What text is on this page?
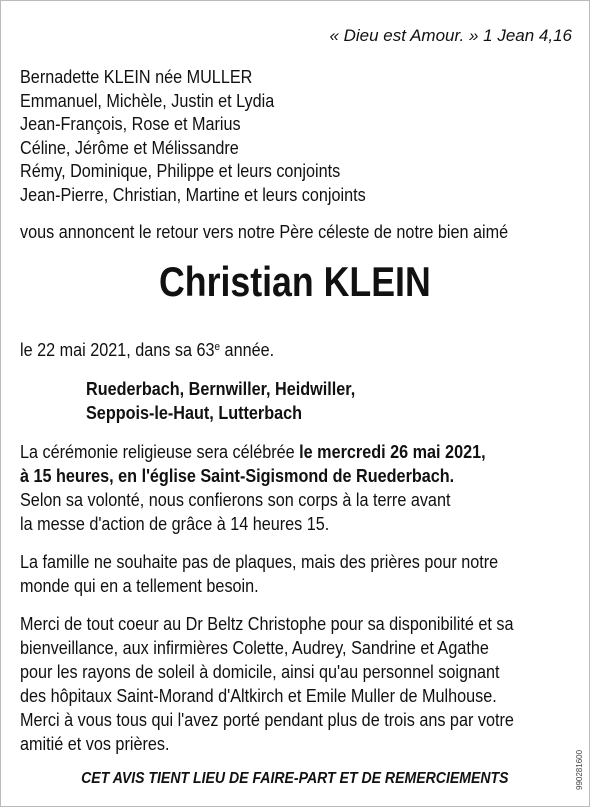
« Dieu est Amour. » 1 Jean 4,16
Bernadette KLEIN née MULLER
Emmanuel, Michèle, Justin et Lydia
Jean-François, Rose et Marius
Céline, Jérôme et Mélissandre
Rémy, Dominique, Philippe et leurs conjoints
Jean-Pierre, Christian, Martine et leurs conjoints
vous annoncent le retour vers notre Père céleste de notre bien aimé
Christian KLEIN
le 22 mai 2021, dans sa 63e année.
Ruederbach, Bernwiller, Heidwiller,
Seppois-le-Haut, Lutterbach
La cérémonie religieuse sera célébrée le mercredi 26 mai 2021,
à 15 heures, en l'église Saint-Sigismond de Ruederbach.
Selon sa volonté, nous confierons son corps à la terre avant
la messe d'action de grâce à 14 heures 15.
La famille ne souhaite pas de plaques, mais des prières pour notre
monde qui en a tellement besoin.
Merci de tout coeur au Dr Beltz Christophe pour sa disponibilité et sa
bienveillance, aux infirmières Colette, Audrey, Sandrine et Agathe
pour les rayons de soleil à domicile, ainsi qu'au personnel soignant
des hôpitaux Saint-Morand d'Altkirch et Emile Muller de Mulhouse.
Merci à vous tous qui l'avez porté pendant plus de trois ans par votre
amitié et vos prières.
CET AVIS TIENT LIEU DE FAIRE-PART ET DE REMERCIEMENTS	990281600
